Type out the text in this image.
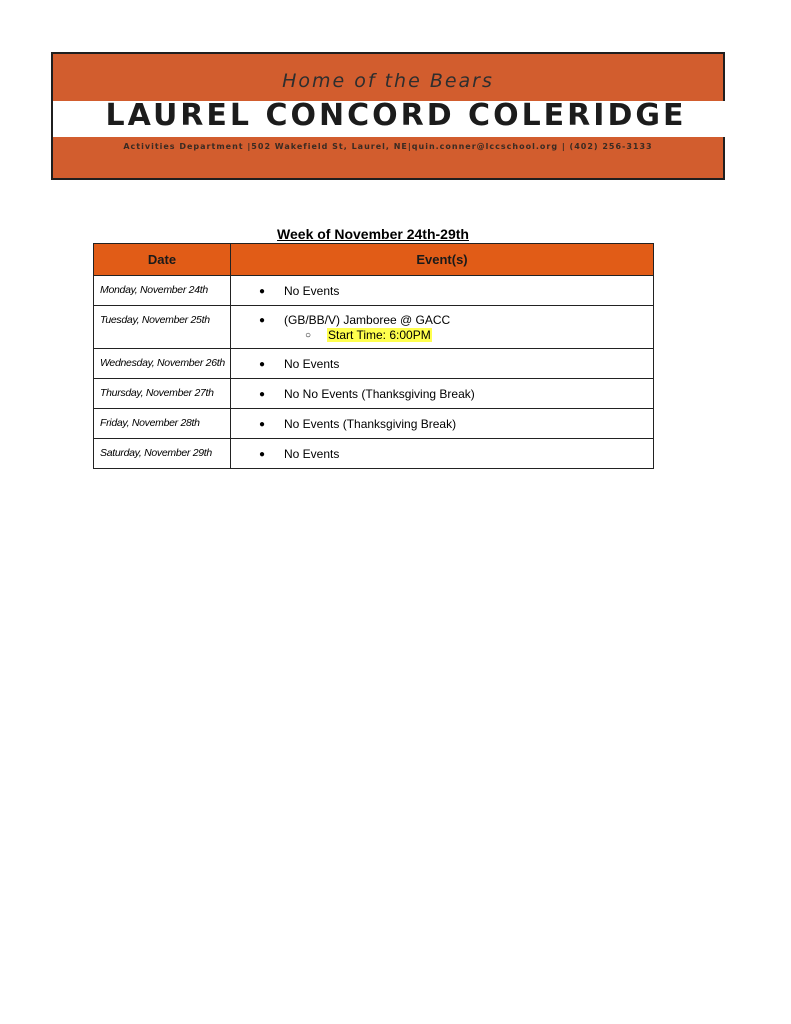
Home of the Bears
LAUREL CONCORD COLERIDGE
Activities Department |502 Wakefield St, Laurel, NE|quin.conner@lccschool.org | (402) 256-3133
Week of November 24th-29th
Date	Event(s)
Monday, November 24th	● No Events

Tuesday, November 25th	● (GB/BB/V) Jamboree @ GACC
○ Start Time: 6:00PM

Wednesday, November 26th	● No Events

Thursday, November 27th	● No No Events (Thanksgiving Break)

Friday, November 28th	● No Events (Thanksgiving Break)

Saturday, November 29th	● No Events
